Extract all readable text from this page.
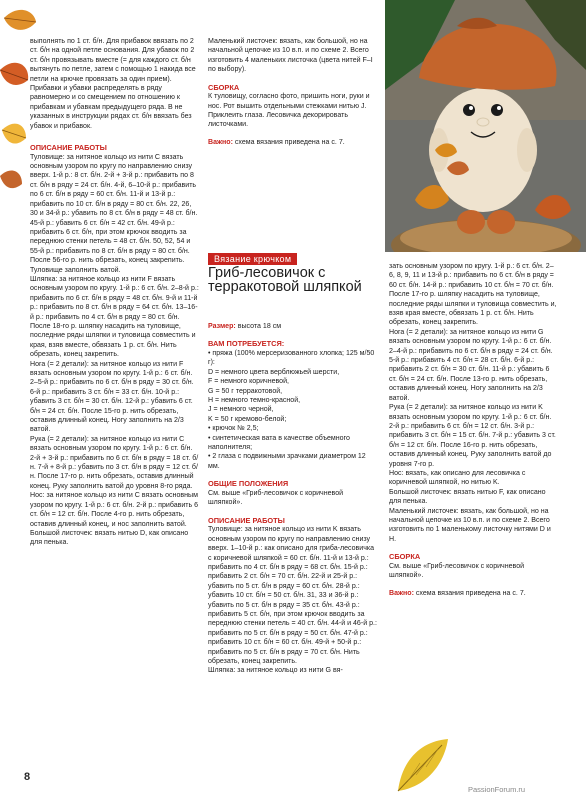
выполнять по 1 ст. б/н. Для прибавок ввязать по 2 ст. б/н на одной петле основания. Для убавок по 2 ст. б/н провязывать вместе (= для каждого ст. б/н вытянуть по петле, затем с помощью 1 накида все петли на крючке провязать за один прием). Прибавки и убавки распределять в ряду равномерно и со смещением по отношению к прибавкам и убавкам предыдущего ряда. В не указанных в инструкции рядах ст. б/н ввязать без убавок и прибавок.

ОПИСАНИЕ РАБОТЫ

Туловище: за нитяное кольцо из нити С вязать основным узором по кругу по направлению снизу вверх. 1-й р.: 8 ст. б/н. 2-й + 3-й р.: прибавить по 8 ст. б/н в ряду = 24 ст. б/н. 4-й, 6–10-й р.: прибавить по 6 ст. б/н в ряду = 60 ст. б/н. 11-й и 13-й р.: прибавить по 10 ст. б/н в ряду = 80 ст. б/н. 22, 26, 30 и 34-й р.: убавить по 8 ст. б/н в ряду = 48 ст. б/н. 45-й р.: убавить 6 ст. б/н = 42 ст. б/н. 49-й р.: прибавить 6 ст. б/н, при этом крючок вводить за переднюю стенки петель = 48 ст. б/н. 50, 52, 54 и 55-й р.: прибавить по 8 ст. б/н в ряду = 80 ст. б/н. После 56-го р. нить обрезать, конец закрепить. Туловище заполнить ватой.

Шляпка: за нитяное кольцо из нити F вязать основным узором по кругу. 1-й р.: 6 ст. б/н. 2–8-й р.: прибавить по 6 ст. б/н в ряду = 48 ст. б/н. 9-й и 11-й р.: прибавить по 8 ст. б/н в ряду = 64 ст. б/н. 13–16-й р.: прибавить по 4 ст. б/н в ряду = 80 ст. б/н. После 18-го р. шляпку насадить на туловище, последние ряды шляпки и туловища совместить и края, взяв вместе, обвязать 1 р. ст. б/н. Нить обрезать, конец закрепить.

Нога (= 2 детали): за нитяное кольцо из нити F вязать основным узором по кругу. 1-й р.: 6 ст. б/н. 2–5-й р.: прибавить по 6 ст. б/н в ряду = 30 ст. б/н. 6-й р.: прибавить 3 ст. б/н = 33 ст. б/н. 10-й р.: убавить 3 ст. б/н = 30 ст. б/н. 12-й р.: убавить 6 ст. б/н = 24 ст. б/н. После 15-го р. нить обрезать, оставив длинный конец. Ногу заполнить на 2/3 ватой.

Рука (= 2 детали): за нитяное кольцо из нити С вязать основным узором по кругу. 1-й р.: 6 ст. б/н. 2-й + 3-й р.: прибавить по 6 ст. б/н в ряду = 18 ст. б/н. 7-й + 8-й р.: убавить по 3 ст. б/н в ряду = 12 ст. б/н. После 17-го р. нить обрезать, оставив длинный конец. Руку заполнить ватой до уровня 8-го ряда.

Нос: за нитяное кольцо из нити С вязать основным узором по кругу. 1-й р.: 6 ст. б/н. 2-й р.: прибавить 6 ст. б/н = 12 ст. б/н. После 4-го р. нить обрезать, оставив длинный конец, и нос заполнить ватой.

Большой листочек: вязать нитью D, как описано для пенька.

Маленький листочек: вязать, как большой, но на начальной цепочке из 10 в.п. и по схеме 2. Всего изготовить 4 маленьких листочка (цвета нитей F–I по выбору).

СБОРКА

К туловищу, согласно фото, пришить ноги, руки и нос. Рот вышить отдельными стежками нитью J. Приклеить глаза. Лесовичка декорировать листочками.

Важно: схема вязания приведена на с. 7.

Вязание крючком
Гриб-лесовичок с терракотовой шляпкой

Размер: высота 18 см

ВАМ ПОТРЕБУЕТСЯ:

• пряжа (100% мерсеризованного хлопка; 125 м/50 г):

D = немного цвета верблюжьей шерсти,

F = немного коричневой,

G = 50 г терракотовой,

H = немного темно-красной,

J = немного черной,

K = 50 г кремово-белой;

• крючок № 2,5;

• синтетическая вата в качестве объемного наполнителя;

• 2 глаза с подвижными зрачками диаметром 12 мм.

ОБЩИЕ ПОЛОЖЕНИЯ

См. выше «Гриб-лесовичок с коричневой шляпкой».

ОПИСАНИЕ РАБОТЫ

Туловище: за нитяное кольцо из нити K вязать основным узором по кругу по направлению снизу вверх. 1–10-й р.: как описано для гриба-лесовичка с коричневой шляпкой = 60 ст. б/н. 11-й и 13-й р.: прибавить по 4 ст. б/н в ряду = 68 ст. б/н. 15-й р.: прибавить 2 ст. б/н = 70 ст. б/н. 22-й и 25-й р.: убавить по 5 ст. б/н в ряду = 60 ст. б/н. 28-й р.: убавить 10 ст. б/н = 50 ст. б/н. 31, 33 и 36-й р.: убавить по 5 ст. б/н в ряду = 35 ст. б/н. 43-й р.: прибавить 5 ст. б/н, при этом крючок вводить за переднюю стенки петель = 40 ст. б/н. 44-й и 46-й р.: прибавить по 5 ст. б/н в ряду = 50 ст. б/н. 47-й р.: прибавить 10 ст. б/н = 60 ст. б/н. 49-й + 50-й р.: прибавить по 5 ст. б/н в ряду = 70 ст. б/н. Нить обрезать, конец закрепить.

Шляпка: за нитяное кольцо из нити G вя-

зать основным узором по кругу. 1-й р.: 6 ст. б/н. 2–6, 8, 9, 11 и 13-й р.: прибавить по 6 ст. б/н в ряду = 60 ст. б/н. 14-й р.: прибавить 10 ст. б/н = 70 ст. б/н. После 17-го р. шляпку насадить на туловище, последние ряды шляпки и туловища совместить и, взяв края вместе, обвязать 1 р. ст. б/н. Нить обрезать, конец закрепить.

Нога (= 2 детали): за нитяное кольцо из нити G вязать основным узором по кругу. 1-й р.: 6 ст. б/н. 2–4-й р.: прибавить по 6 ст. б/н в ряду = 24 ст. б/н. 5-й р.: прибавить 4 ст. б/н = 28 ст. б/н. 6-й р.: прибавить 2 ст. б/н = 30 ст. б/н. 11-й р.: убавить 6 ст. б/н = 24 ст. б/н. После 13-го р. нить обрезать, оставив длинный конец. Ногу заполнить на 2/3 ватой.

Рука (= 2 детали): за нитяное кольцо из нити K вязать основным узором по кругу. 1-й р.: 6 ст. б/н. 2-й р.: прибавить 6 ст. б/н = 12 ст. б/н. 3-й р.: прибавить 3 ст. б/н = 15 ст. б/н. 7-й р.: убавить 3 ст. б/н = 12 ст. б/н. После 16-го р. нить обрезать, оставив длинный конец. Руку заполнить ватой до уровня 7-го р.

Нос: вязать, как описано для лесовичка с коричневой шляпкой, но нитью K.

Большой листочек: вязать нитью F, как описано для пенька.

Маленький листочек: вязать, как большой, но на начальной цепочке из 10 в.п. и по схеме 2. Всего изготовить по 1 маленькому листочку нитями D и H.

СБОРКА

См. выше «Гриб-лесовичок с коричневой шляпкой».

Важно: схема вязания приведена на с. 7.

8
PassionForum.ru
